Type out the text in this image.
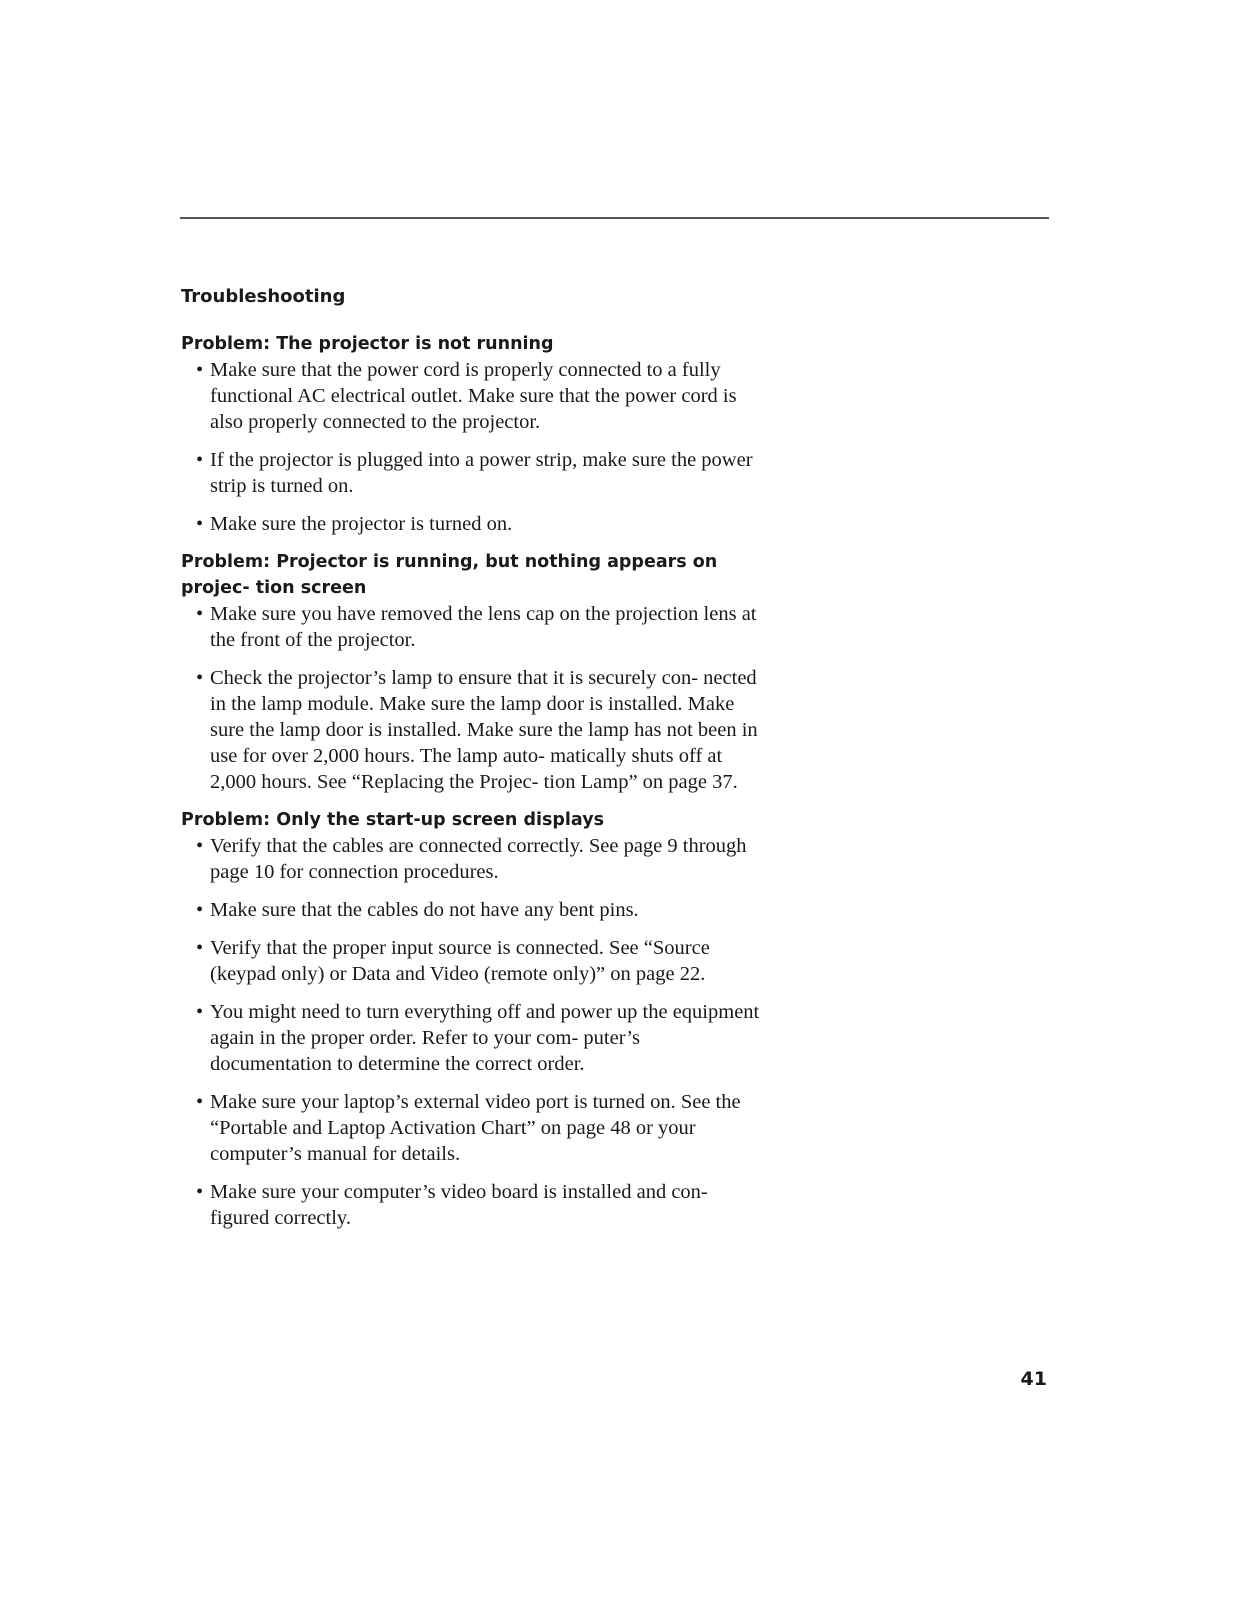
Troubleshooting
Problem: The projector is not running
• Make sure that the power cord is properly connected to a fully functional AC electrical outlet. Make sure that the power cord is also properly connected to the projector.
• If the projector is plugged into a power strip, make sure the power strip is turned on.
• Make sure the projector is turned on.
Problem: Projector is running, but nothing appears on projec- tion screen
• Make sure you have removed the lens cap on the projection lens at the front of the projector.
• Check the projector’s lamp to ensure that it is securely con- nected in the lamp module. Make sure the lamp door is installed. Make sure the lamp door is installed. Make sure the lamp has not been in use for over 2,000 hours. The lamp auto- matically shuts off at 2,000 hours. See “Replacing the Projec- tion Lamp” on page 37.
Problem: Only the start-up screen displays
• Verify that the cables are connected correctly. See page 9 through page 10 for connection procedures.
• Make sure that the cables do not have any bent pins.
• Verify that the proper input source is connected. See “Source (keypad only) or Data and Video (remote only)” on page 22.
• You might need to turn everything off and power up the equipment again in the proper order. Refer to your com- puter’s documentation to determine the correct order.
• Make sure your laptop’s external video port is turned on. See the “Portable and Laptop Activation Chart” on page 48 or your computer’s manual for details.
• Make sure your computer’s video board is installed and con- figured correctly.
41
